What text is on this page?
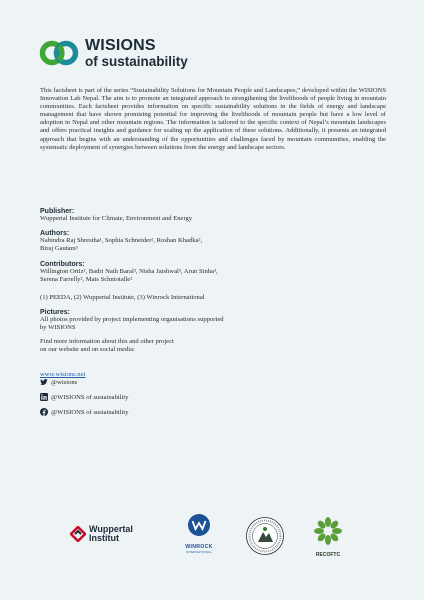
WISIONS
of sustainability

This factsheet is part of the series “Sustainability Solutions for Mountain People and Landscapes,” developed within the WISIONS Innovation Lab Nepal. The aim is to promote an integrated approach to strengthening the livelihoods of people living in mountain communities. Each factsheet provides information on specific sustainability solutions in the fields of energy and landscape management that have shown promising potential for improving the livelihoods of mountain people but have a low level of adoption in Nepal and other mountain regions. The information is tailored to the specific context of Nepal’s mountain landscapes and offers practical insights and guidance for scaling up the application of these solutions. Additionally, it presents an integrated approach that begins with an understanding of the opportunities and challenges faced by mountain communities, enabling the systematic deployment of synergies between solutions from the energy and landscape sectors.

Publisher:

Wuppertal Institute for Climate, Environment and Energy

Authors:

Nabindra Raj Shrestha¹, Sophia Schneider², Roshan Khadka²,

Biraj Gautam³

Contributors:

Willington Ortiz², Badri Nath Baral³, Nisha Jaishwal³, Arun Sinha³,

Serena Farrelly², Mats Schniotalle²

(1) PEEDA, (2) Wuppertal Institute, (3) Winrock International

Pictures:

All photos provided by project implementing organisations supported

by WISIONS

Find more information about this and other project

on our website and on social media:

www.wisions.net
@wisions
@WISIONS of sustainability
@WISIONS of sustainability
Wuppertal
Institut
WINROCK
INTERNATIONAL	RECOFTC
